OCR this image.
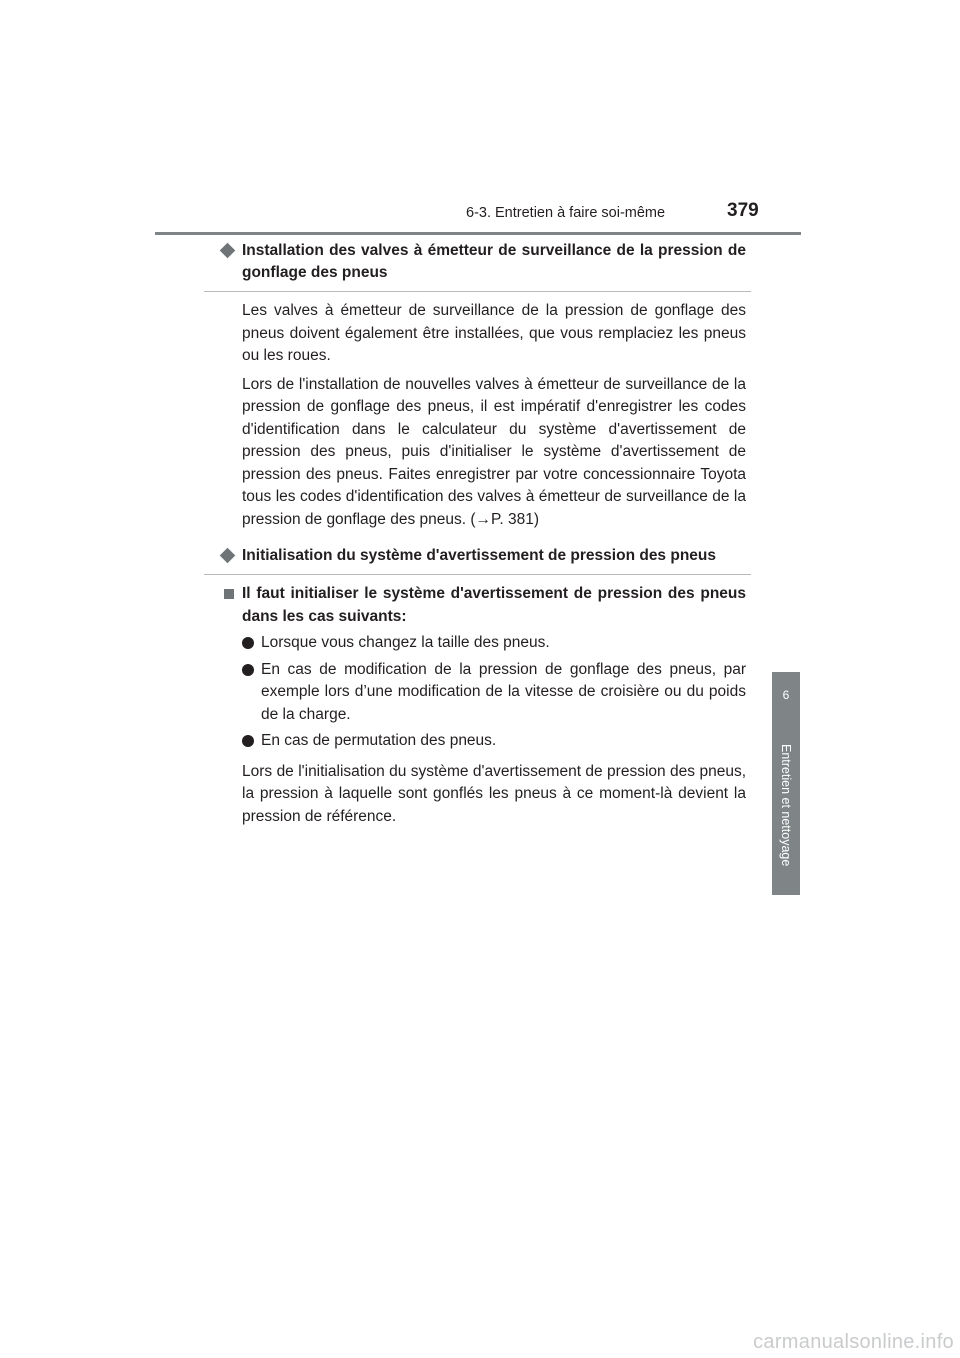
6-3. Entretien à faire soi-même	379
6
Entretien et nettoyage
Installation des valves à émetteur de surveillance de la pression de gonflage des pneus

Les valves à émetteur de surveillance de la pression de gonflage des pneus doivent également être installées, que vous remplaciez les pneus ou les roues.

Lors de l'installation de nouvelles valves à émetteur de surveillance de la pression de gonflage des pneus, il est impératif d'enregistrer les codes d'identification dans le calculateur du système d'avertissement de pression des pneus, puis d'initialiser le système d'avertissement de pression des pneus. Faites enregistrer par votre concessionnaire Toyota tous les codes d'identification des valves à émetteur de surveillance de la pression de gonflage des pneus. (→P. 381)

Initialisation du système d'avertissement de pression des pneus
Il faut initialiser le système d'avertissement de pression des pneus dans les cas suivants:
Lorsque vous changez la taille des pneus.
En cas de modification de la pression de gonflage des pneus, par exemple lors d’une modification de la vitesse de croisière ou du poids de la charge.
En cas de permutation des pneus.

Lors de l'initialisation du système d'avertissement de pression des pneus, la pression à laquelle sont gonflés les pneus à ce moment-là devient la pression de référence.

carmanualsonline.info
